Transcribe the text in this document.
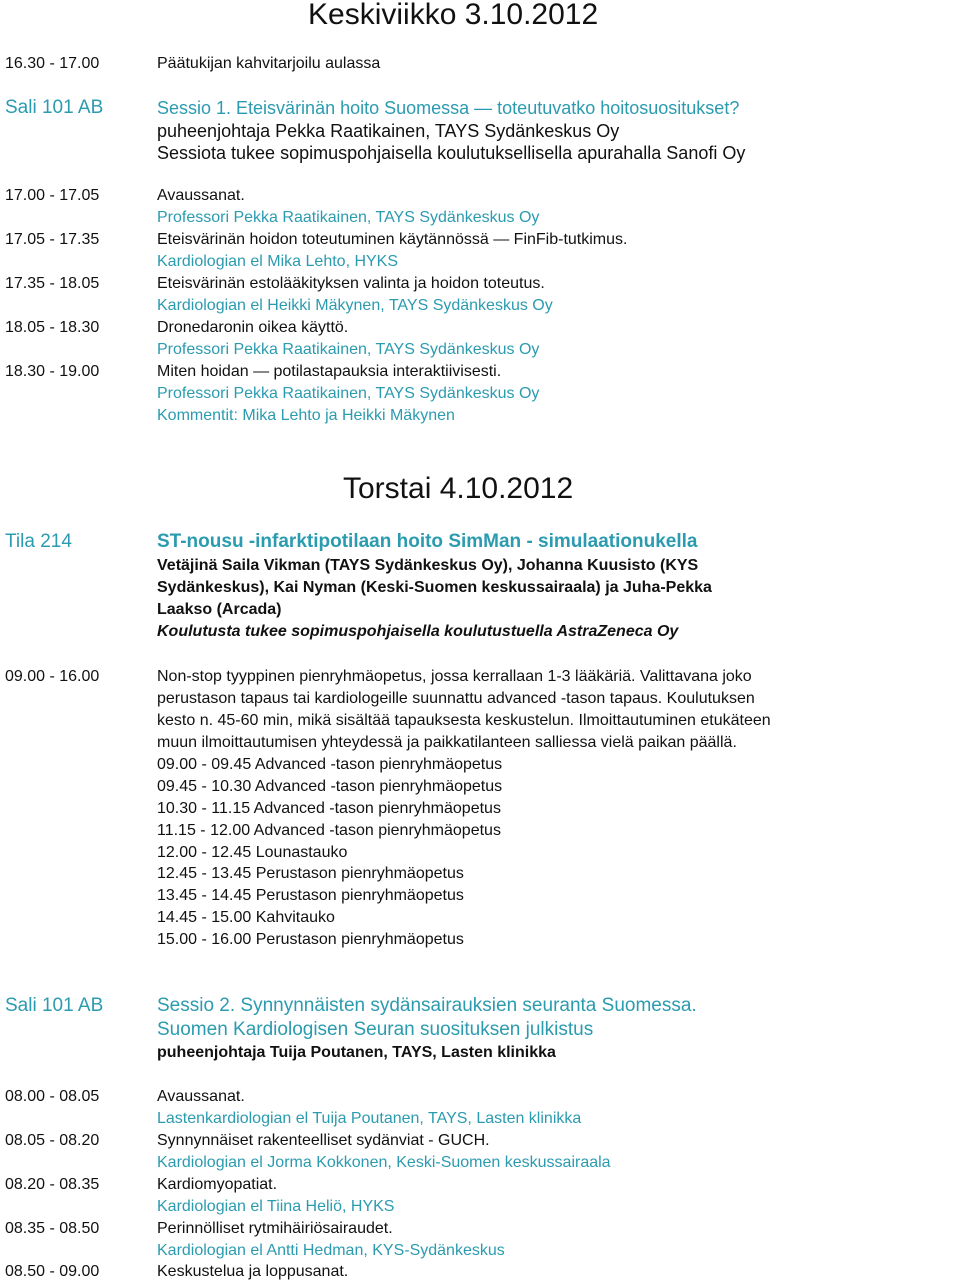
Keskiviikko 3.10.2012
16.30 - 17.00	Päätukijan kahvitarjoilu aulassa
Sali 101 AB	Sessio 1. Eteisvärinän hoito Suomessa — toteutuvatko hoitosuositukset?
puheenjohtaja Pekka Raatikainen, TAYS Sydänkeskus Oy
Sessiota tukee sopimuspohjaisella koulutuksellisella apurahalla Sanofi Oy
17.00 - 17.05	Avaussanat.
Professori Pekka Raatikainen, TAYS Sydänkeskus Oy
17.05 - 17.35	Eteisvärinän hoidon toteutuminen käytännössä — FinFib-tutkimus.
Kardiologian el Mika Lehto, HYKS
17.35 - 18.05	Eteisvärinän estolääkityksen valinta ja hoidon toteutus.
Kardiologian el Heikki Mäkynen, TAYS Sydänkeskus Oy
18.05 - 18.30	Dronedaronin oikea käyttö.
Professori Pekka Raatikainen, TAYS Sydänkeskus Oy
18.30 - 19.00	Miten hoidan — potilastapauksia interaktiivisesti.
Professori Pekka Raatikainen, TAYS Sydänkeskus Oy
Kommentit: Mika Lehto ja Heikki Mäkynen
Torstai 4.10.2012
Tila 214	ST-nousu -infarktipotilaan hoito SimMan - simulaationukella
Vetäjinä Saila Vikman (TAYS Sydänkeskus Oy), Johanna Kuusisto (KYS
Sydänkeskus), Kai Nyman (Keski-Suomen keskussairaala) ja Juha-Pekka
Laakso (Arcada)
Koulutusta tukee sopimuspohjaisella koulutustuella AstraZeneca Oy
09.00 - 16.00	Non-stop tyyppinen pienryhmäopetus, jossa kerrallaan 1-3 lääkäriä. Valittavana joko
perustason tapaus tai kardiologeille suunnattu advanced -tason tapaus. Koulutuksen
kesto n. 45-60 min, mikä sisältää tapauksesta keskustelun. Ilmoittautuminen etukäteen
muun ilmoittautumisen yhteydessä ja paikkatilanteen salliessa vielä paikan päällä.
09.00 - 09.45 Advanced -tason pienryhmäopetus
09.45 - 10.30 Advanced -tason pienryhmäopetus
10.30 - 11.15 Advanced -tason pienryhmäopetus
11.15 - 12.00 Advanced -tason pienryhmäopetus
12.00 - 12.45 Lounastauko
12.45 - 13.45 Perustason pienryhmäopetus
13.45 - 14.45 Perustason pienryhmäopetus
14.45 - 15.00 Kahvitauko
15.00 - 16.00 Perustason pienryhmäopetus
Sali 101 AB	Sessio 2. Synnynnäisten sydänsairauksien seuranta Suomessa.
Suomen Kardiologisen Seuran suosituksen julkistus
puheenjohtaja Tuija Poutanen, TAYS, Lasten klinikka
08.00 - 08.05	Avaussanat.
Lastenkardiologian el Tuija Poutanen, TAYS, Lasten klinikka
08.05 - 08.20	Synnynnäiset rakenteelliset sydänviat - GUCH.
Kardiologian el Jorma Kokkonen, Keski-Suomen keskussairaala
08.20 - 08.35	Kardiomyopatiat.
Kardiologian el Tiina Heliö, HYKS
08.35 - 08.50	Perinnölliset rytmihäiriösairaudet.
Kardiologian el Antti Hedman, KYS-Sydänkeskus
08.50 - 09.00	Keskustelua ja loppusanat.
